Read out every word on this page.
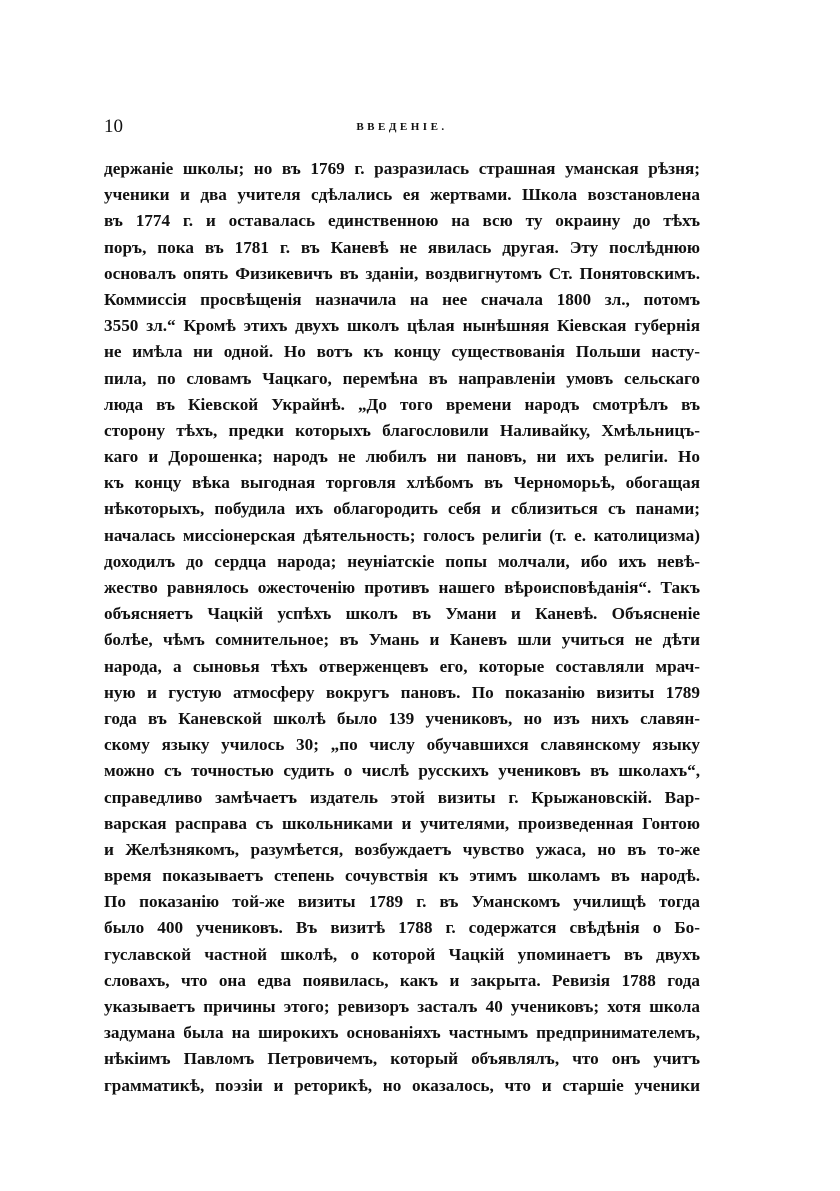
10	ВВЕДЕНІЕ.
держаніе школы; но въ 1769 г. разразилась страшная уманская рѣзня;
ученики и два учителя сдѣлались ея жертвами. Школа возстановлена
въ 1774 г. и оставалась единственною на всю ту окраину до тѣхъ
поръ, пока въ 1781 г. въ Каневѣ не явилась другая. Эту послѣднюю
основалъ опять Физикевичъ въ зданіи, воздвигнутомъ Ст. Понятовскимъ.
Коммиссія просвѣщенія назначила на нее сначала 1800 зл., потомъ
3550 зл.“ Кромѣ этихъ двухъ школъ цѣлая нынѣшняя Кіевская губернія
не имѣла ни одной. Но вотъ къ концу существованія Польши насту-
пила, по словамъ Чацкаго, перемѣна въ направленіи умовъ сельскаго
люда въ Кіевской Украйнѣ. „До того времени народъ смотрѣлъ въ
сторону тѣхъ, предки которыхъ благословили Наливайку, Хмѣльницъ-
каго и Дорошенка; народъ не любилъ ни пановъ, ни ихъ религіи. Но
къ концу вѣка выгодная торговля хлѣбомъ въ Черноморьѣ, обогащая
нѣкоторыхъ, побудила ихъ облагородить себя и сблизиться съ панами;
началась миссіонерская дѣятельность; голосъ религіи (т. е. католицизма)
доходилъ до сердца народа; неуніатскіе попы молчали, ибо ихъ невѣ-
жество равнялось ожесточенію противъ нашего вѣроисповѣданія“. Такъ
объясняетъ Чацкій успѣхъ школъ въ Умани и Каневѣ. Объясненіе
болѣе, чѣмъ сомнительное; въ Умань и Каневъ шли учиться не дѣти
народа, а сыновья тѣхъ отверженцевъ его, которые составляли мрач-
ную и густую атмосферу вокругъ пановъ. По показанію визиты 1789
года въ Каневской школѣ было 139 учениковъ, но изъ нихъ славян-
скому языку училось 30; „по числу обучавшихся славянскому языку
можно съ точностью судить о числѣ русскихъ учениковъ въ школахъ“,
справедливо замѣчаетъ издатель этой визиты г. Крыжановскій. Вар-
варская расправа съ школьниками и учителями, произведенная Гонтою
и Желѣзнякомъ, разумѣется, возбуждаетъ чувство ужаса, но въ то-же
время показываетъ степень сочувствія къ этимъ школамъ въ народѣ.
По показанію той-же визиты 1789 г. въ Уманскомъ училищѣ тогда
было 400 учениковъ. Въ визитѣ 1788 г. содержатся свѣдѣнія о Бо-
гуславской частной школѣ, о которой Чацкій упоминаетъ въ двухъ
словахъ, что она едва появилась, какъ и закрыта. Ревизія 1788 года
указываетъ причины этого; ревизоръ засталъ 40 учениковъ; хотя школа
задумана была на широкихъ основаніяхъ частнымъ предпринимателемъ,
нѣкіимъ Павломъ Петровичемъ, который объявлялъ, что онъ учитъ
грамматикѣ, поэзіи и реторикѣ, но оказалось, что и старшіе ученики
